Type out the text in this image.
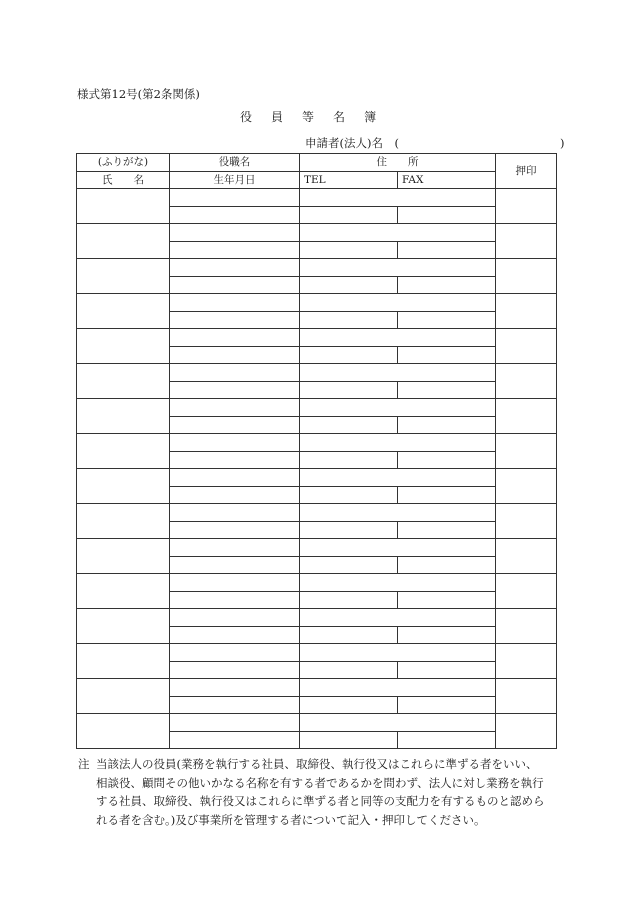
様式第12号(第2条関係)
役 員 等 名 簿
申請者(法人)名　(　　　　　　　　　　　　　　)
(ふりがな)	役職名	住　　所		押印
氏　　名	生年月日	TEL	FAX	

注 当該法人の役員(業務を執行する社員、取締役、執行役又はこれらに準ずる者をいい、
相談役、顧問その他いかなる名称を有する者であるかを問わず、法人に対し業務を執行
する社員、取締役、執行役又はこれらに準ずる者と同等の支配力を有するものと認めら
れる者を含む。)及び事業所を管理する者について記入・押印してください。
